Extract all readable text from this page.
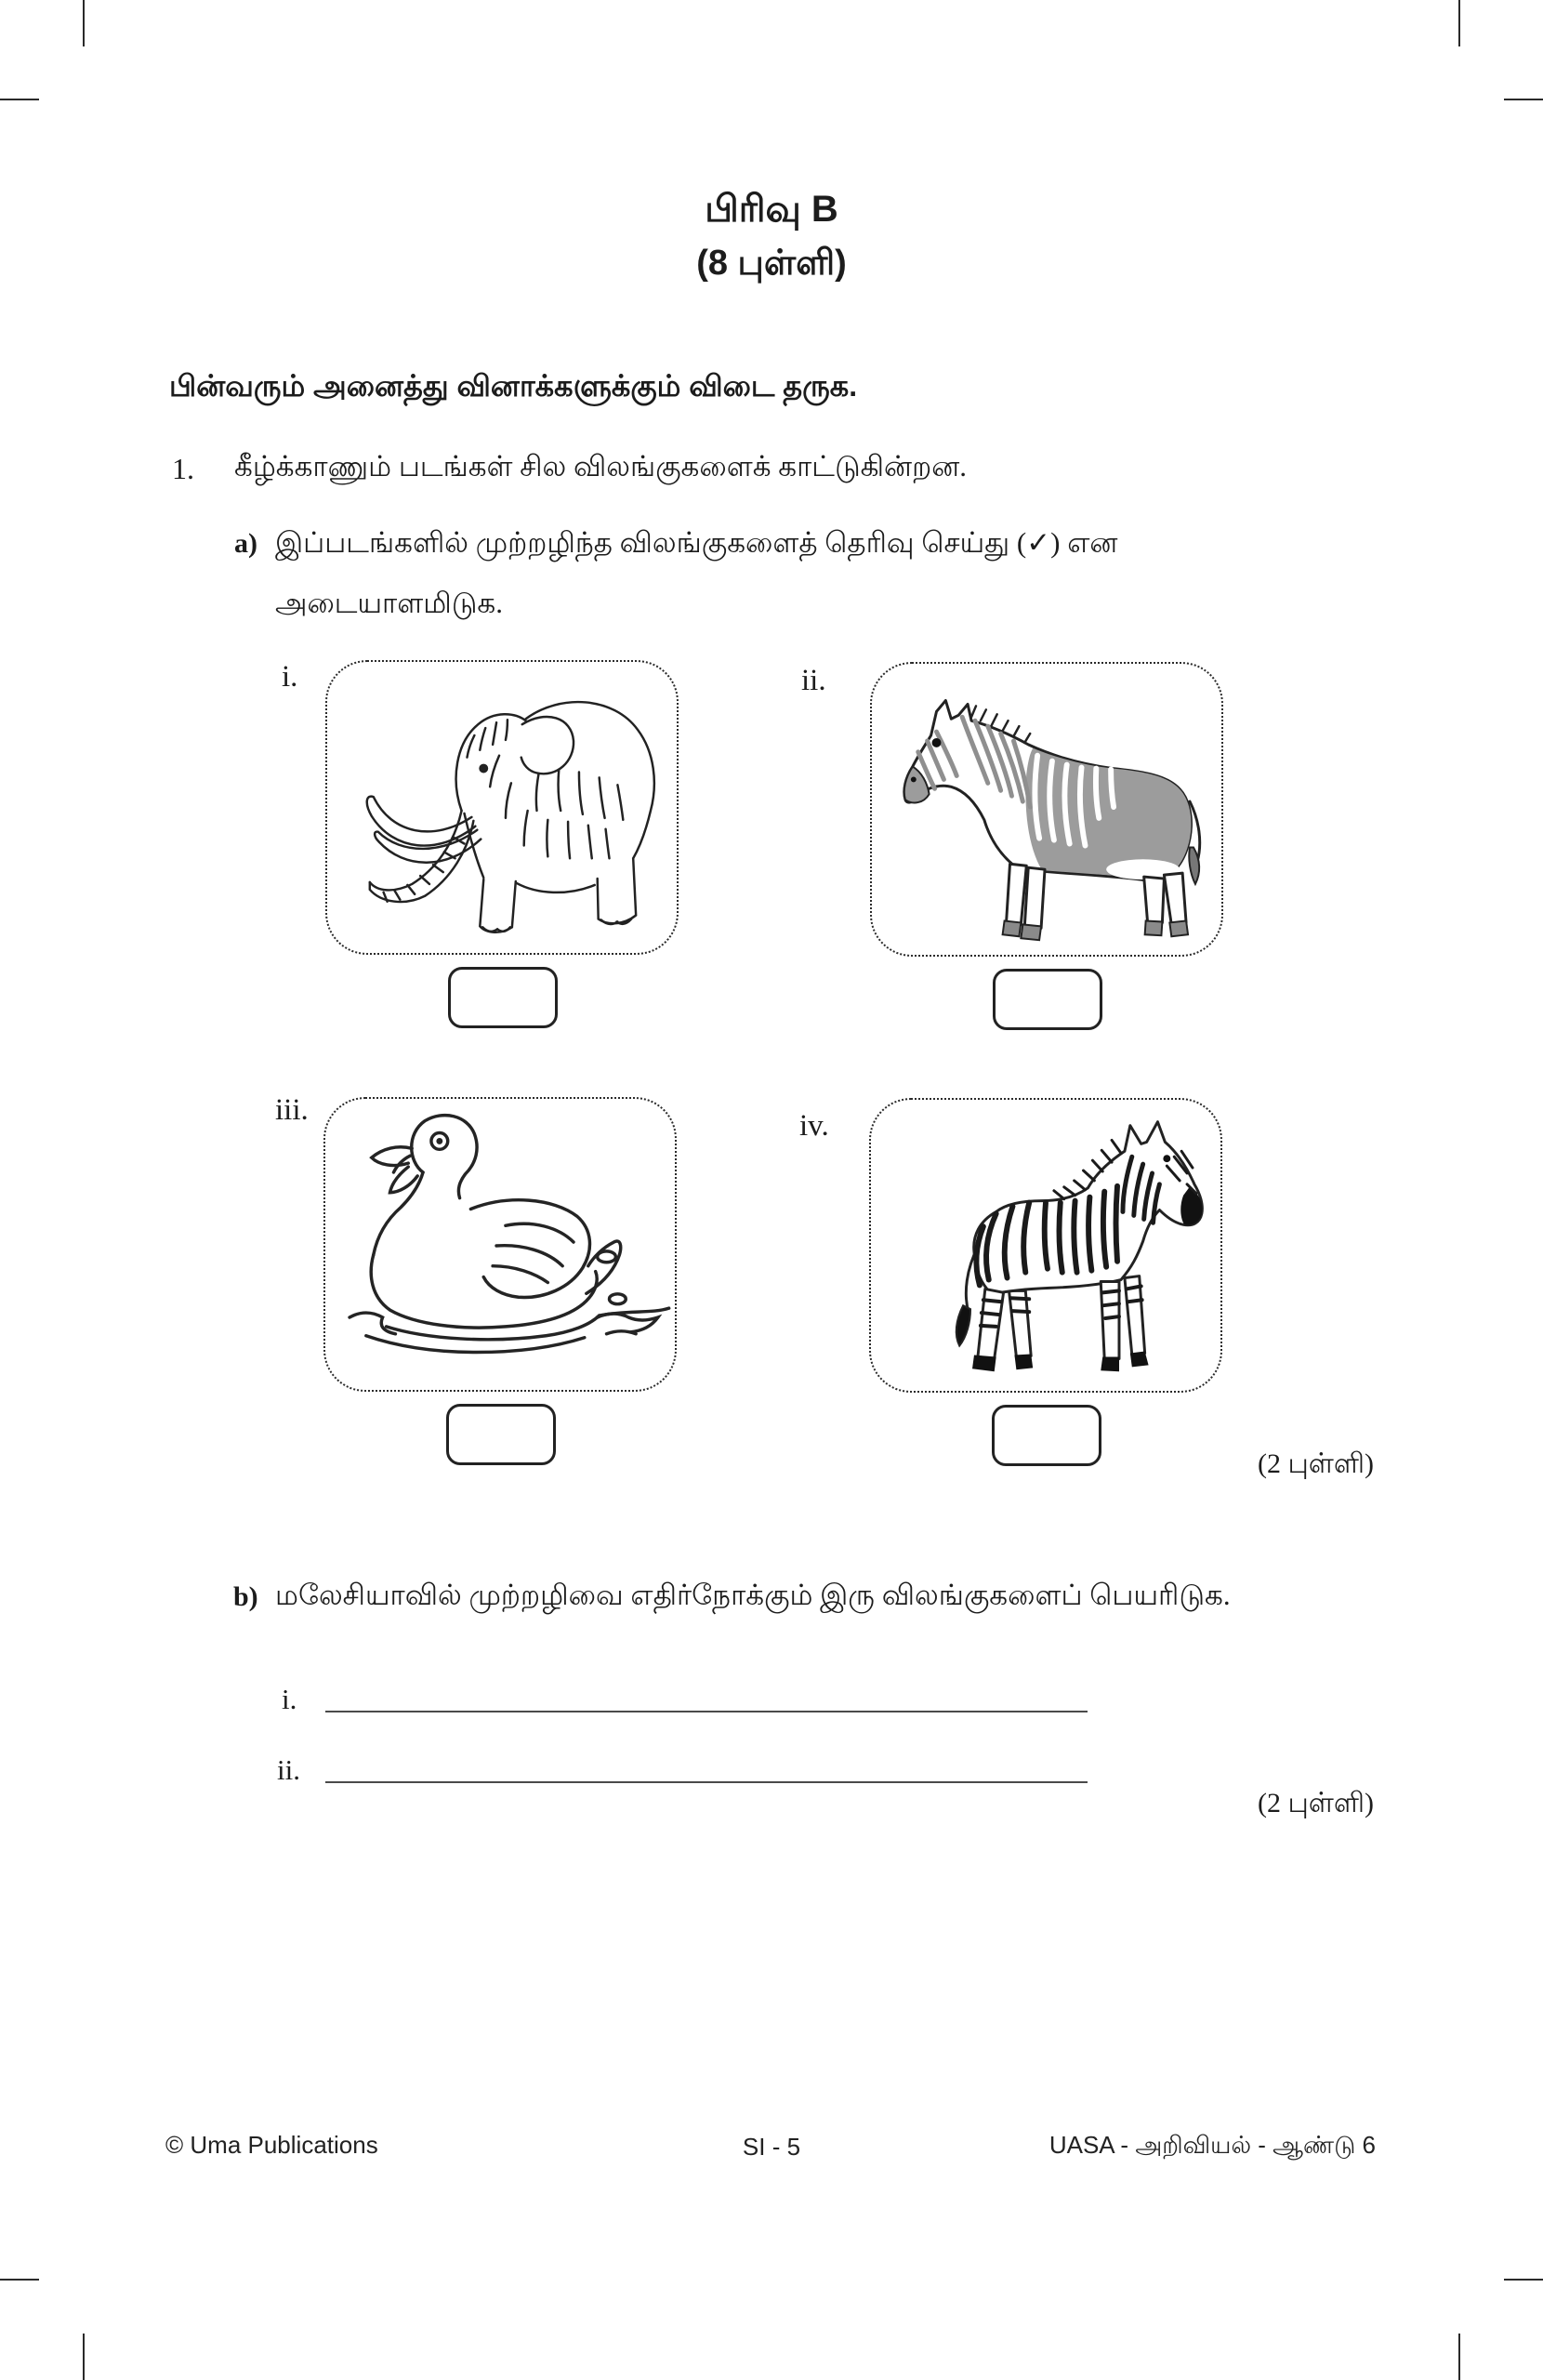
பிரிவு B
(8 புள்ளி)
பின்வரும் அனைத்து வினாக்களுக்கும் விடை தருக.
1. கீழ்க்காணும் படங்கள் சில விலங்குகளைக் காட்டுகின்றன.
a) இப்படங்களில் முற்றழிந்த விலங்குகளைத் தெரிவு செய்து (✓) என
அடையாளமிடுக.
i.	ii.
iii.	iv.
(2 புள்ளி)
b) மலேசியாவில் முற்றழிவை எதிர்நோக்கும் இரு விலங்குகளைப் பெயரிடுக.
i.
ii.
(2 புள்ளி)
© Uma Publications	SI - 5	UASA - அறிவியல் - ஆண்டு 6
